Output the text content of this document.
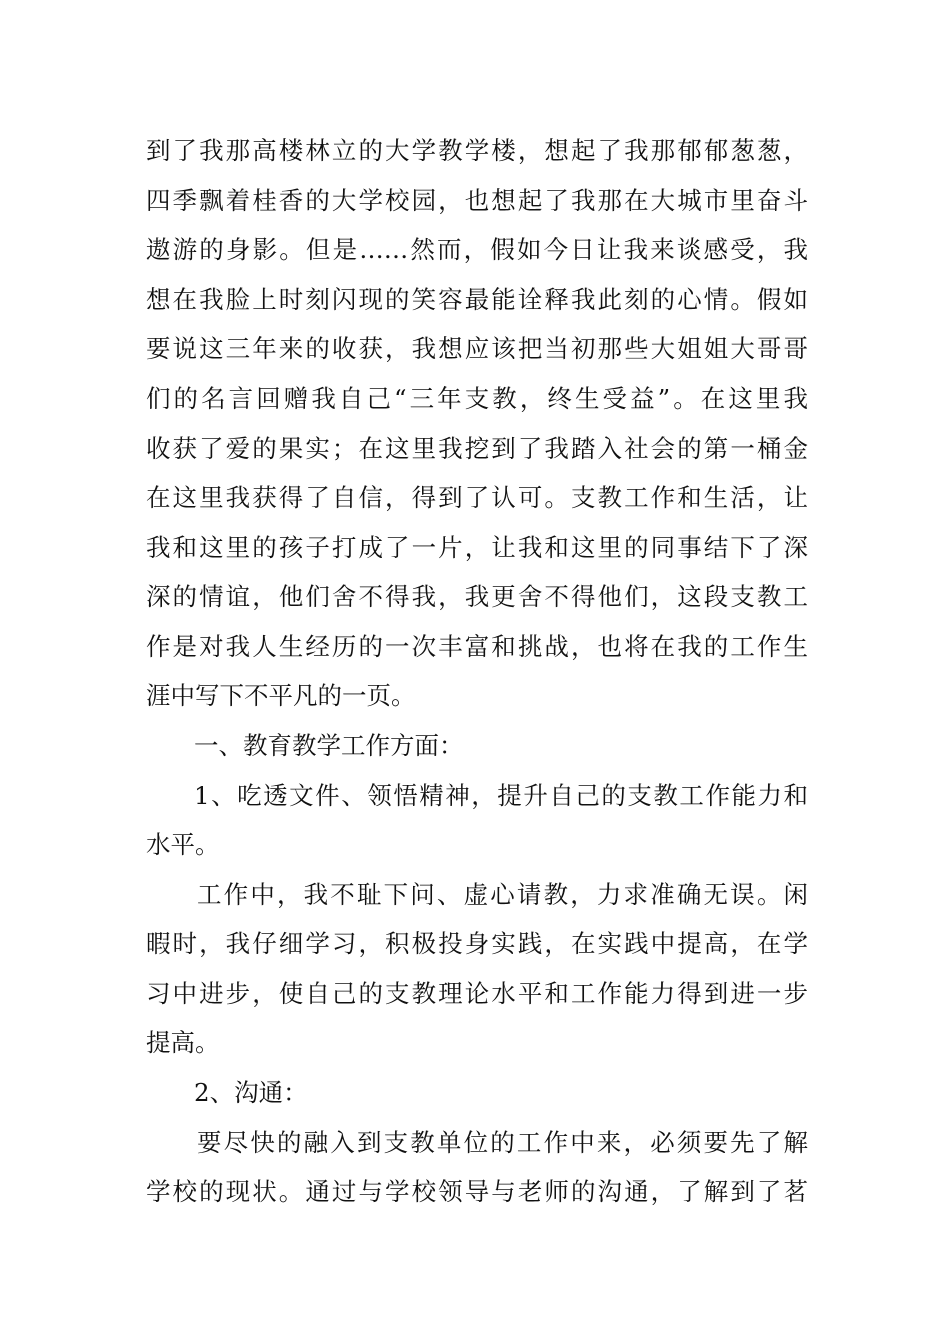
到了我那高楼林立的大学教学楼，想起了我那郁郁葱葱，
四季飘着桂香的大学校园，也想起了我那在大城市里奋斗
遨游的身影。但是……然而，假如今日让我来谈感受，我
想在我脸上时刻闪现的笑容最能诠释我此刻的心情。假如
要说这三年来的收获，我想应该把当初那些大姐姐大哥哥
们的名言回赠我自己“三年支教，终生受益”。在这里我
收获了爱的果实；在这里我挖到了我踏入社会的第一桶金
在这里我获得了自信，得到了认可。支教工作和生活，让
我和这里的孩子打成了一片，让我和这里的同事结下了深
深的情谊，他们舍不得我，我更舍不得他们，这段支教工
作是对我人生经历的一次丰富和挑战，也将在我的工作生
涯中写下不平凡的一页。
一、教育教学工作方面：
1、吃透文件、领悟精神，提升自己的支教工作能力和
水平。
工作中，我不耻下问、虚心请教，力求准确无误。闲
暇时，我仔细学习，积极投身实践，在实践中提高，在学
习中进步，使自己的支教理论水平和工作能力得到进一步
提高。
2、沟通：
要尽快的融入到支教单位的工作中来，必须要先了解
学校的现状。通过与学校领导与老师的沟通，了解到了茗
